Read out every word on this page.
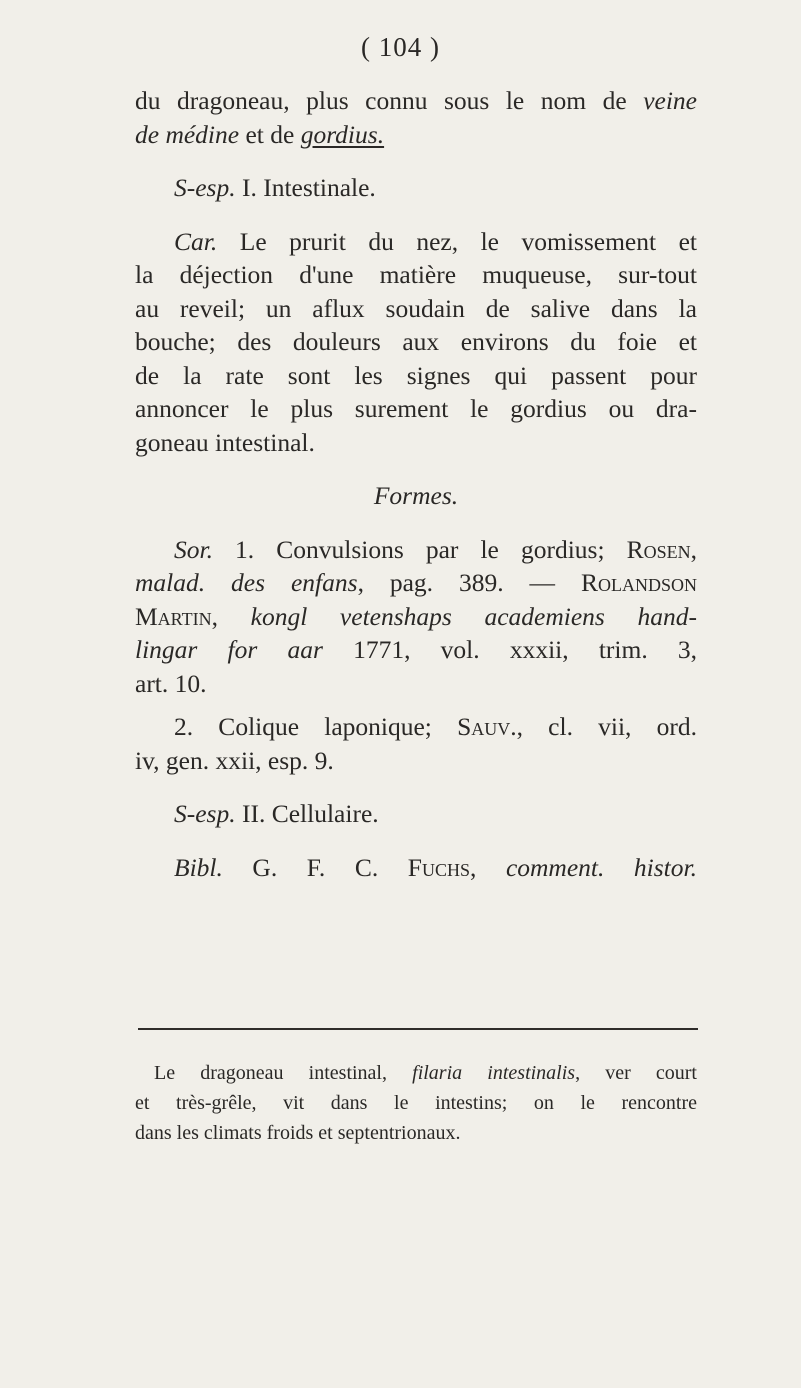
( 104 )
du dragoneau, plus connu sous le nom de veine
de médine et de gordius.
S-esp. I. Intestinale.
Car. Le prurit du nez, le vomissement et
la déjection d'une matière muqueuse, sur-tout
au reveil; un aflux soudain de salive dans la
bouche; des douleurs aux environs du foie et
de la rate sont les signes qui passent pour
annoncer le plus surement le gordius ou dra-
goneau intestinal.
Formes.
Sor. 1. Convulsions par le gordius; Rosen,
malad. des enfans, pag. 389. — Rolandson
Martin, kongl vetenshaps academiens hand-
lingar for aar 1771, vol. xxxii, trim. 3,
art. 10.
2. Colique laponique; Sauv., cl. vii, ord.
iv, gen. xxii, esp. 9.
S-esp. II. Cellulaire.
Bibl. G. F. C. Fuchs, comment. histor.
Le dragoneau intestinal, filaria intestinalis, ver court
et très-grêle, vit dans le intestins; on le rencontre
dans les climats froids et septentrionaux.
